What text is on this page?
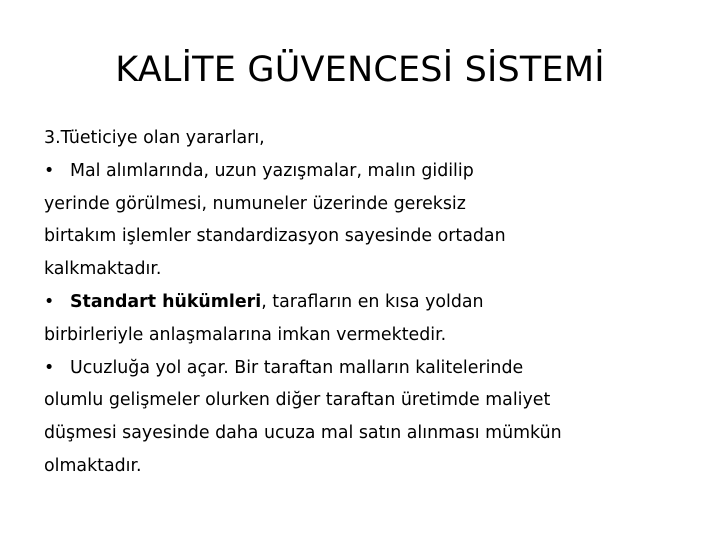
KALİTE GÜVENCESİ SİSTEMİ
3.Tüeticiye olan yararları,
• Mal alımlarında, uzun yazışmalar, malın gidilip
yerinde görülmesi, numuneler üzerinde gereksiz
birtakım işlemler standardizasyon sayesinde ortadan
kalkmaktadır.
• Standart hükümleri, tarafların en kısa yoldan
birbirleriyle anlaşmalarına imkan vermektedir.
• Ucuzluğa yol açar. Bir taraftan malların kalitelerinde
olumlu gelişmeler olurken diğer taraftan üretimde maliyet
düşmesi sayesinde daha ucuza mal satın alınması mümkün
olmaktadır.
